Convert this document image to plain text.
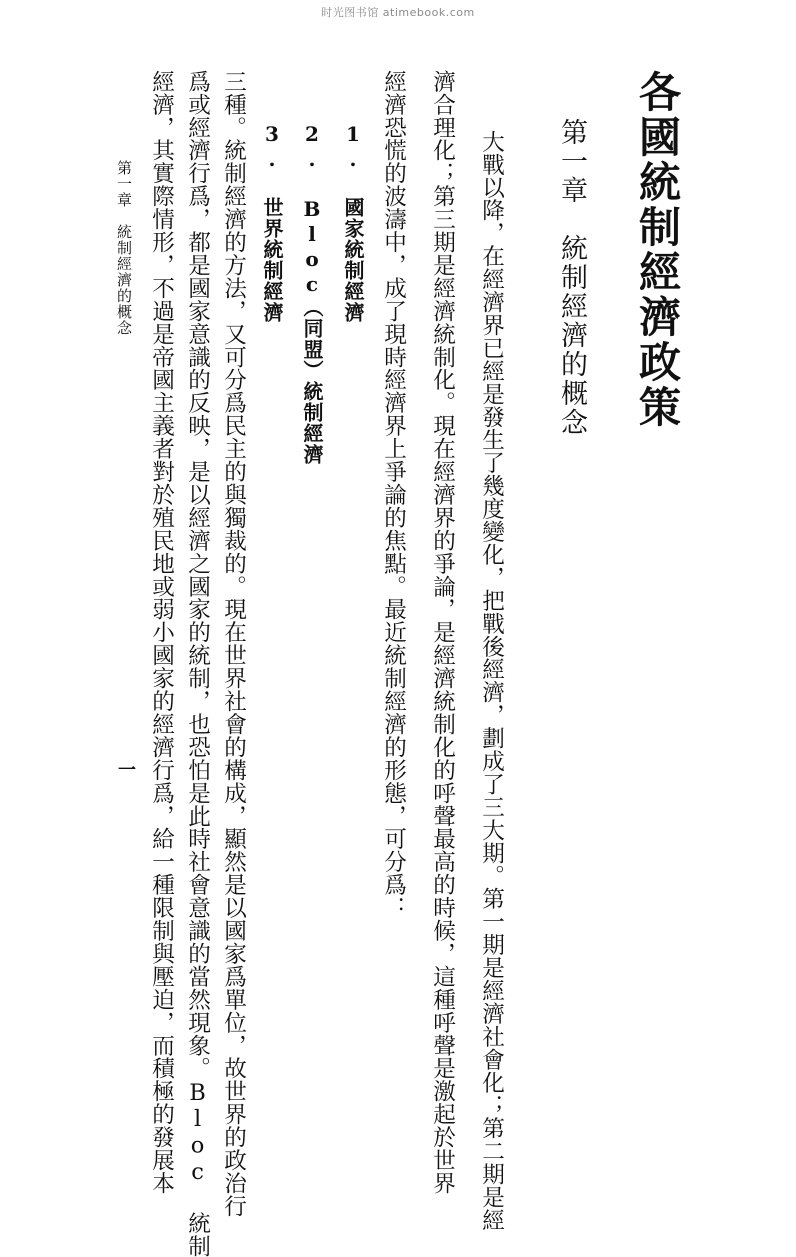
时光图书馆 atimebook.com
各國統制經濟政策
第一章　統制經濟的概念
大戰以降，在經濟界已經是發生了幾度變化，把戰後經濟，劃成了三大期。第一期是經濟社會化；第二期是經
濟合理化；第三期是經濟統制化。現在經濟界的爭論，是經濟統制化的呼聲最高的時候，這種呼聲是激起於世界
經濟恐慌的波濤中，成了現時經濟界上爭論的焦點。最近統制經濟的形態，可分爲：
1. 國家統制經濟
2. Bloc（同盟）統制經濟
3. 世界統制經濟
三種。統制經濟的方法，又可分爲民主的與獨裁的。現在世界社會的構成，顯然是以國家爲單位，故世界的政治行
爲或經濟行爲，都是國家意識的反映，是以經濟之國家的統制，也恐怕是此時社會意識的當然現象。Bloc 統制
經濟，其實際情形，不過是帝國主義者對於殖民地或弱小國家的經濟行爲，給一種限制與壓迫，而積極的發展本
第一章　統制經濟的概念
一
